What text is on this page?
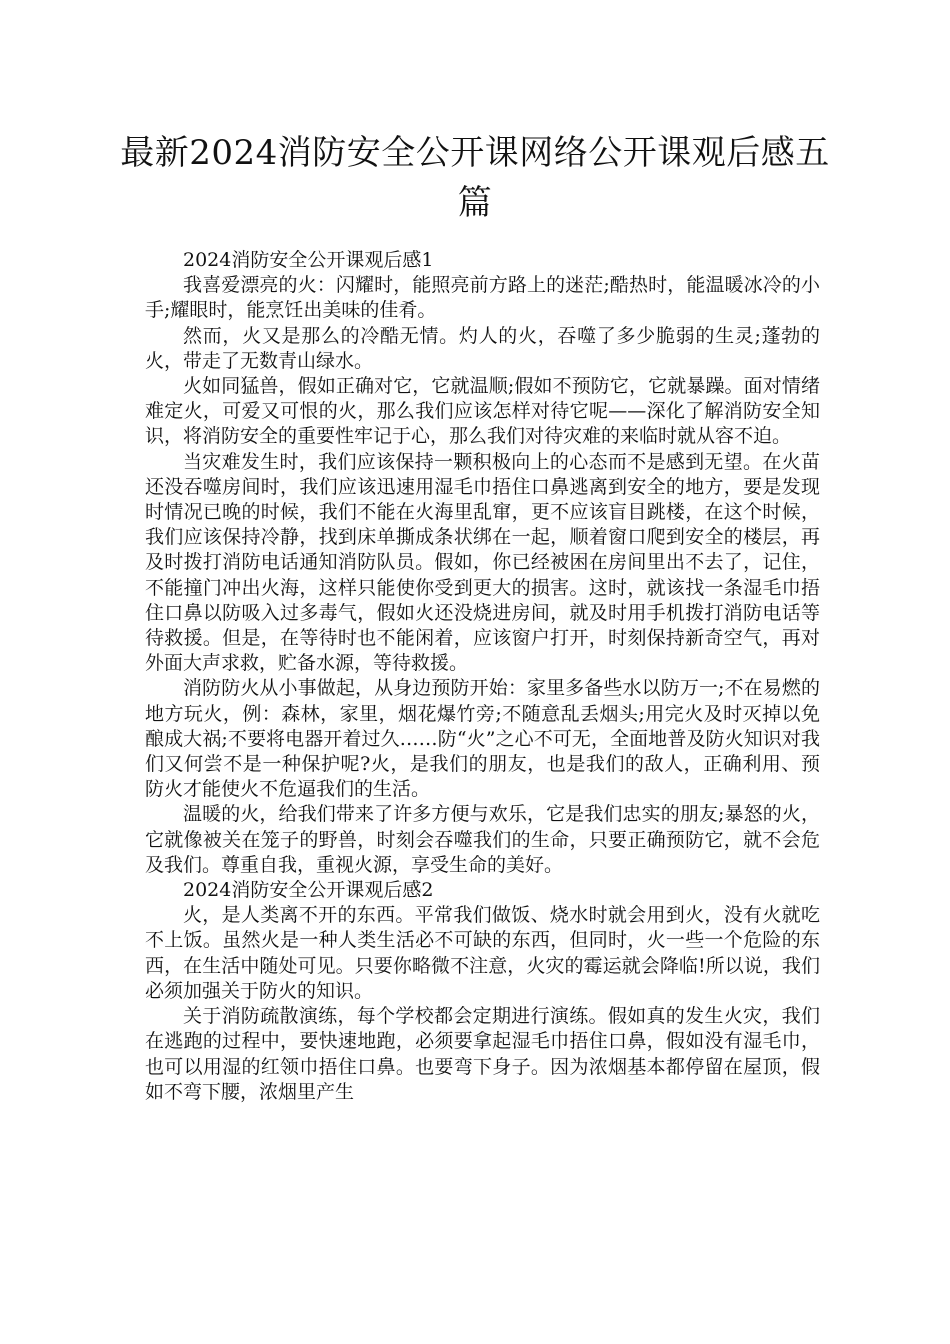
最新2024消防安全公开课网络公开课观后感五篇
2024消防安全公开课观后感1

我喜爱漂亮的火：闪耀时，能照亮前方路上的迷茫;酷热时，能温暖冰冷的小手;耀眼时，能烹饪出美味的佳肴。

然而，火又是那么的冷酷无情。灼人的火，吞噬了多少脆弱的生灵;蓬勃的火，带走了无数青山绿水。

火如同猛兽，假如正确对它，它就温顺;假如不预防它，它就暴躁。面对情绪难定火，可爱又可恨的火，那么我们应该怎样对待它呢——深化了解消防安全知识，将消防安全的重要性牢记于心，那么我们对待灾难的来临时就从容不迫。

当灾难发生时，我们应该保持一颗积极向上的心态而不是感到无望。在火苗还没吞噬房间时，我们应该迅速用湿毛巾捂住口鼻逃离到安全的地方，要是发现时情况已晚的时候，我们不能在火海里乱窜，更不应该盲目跳楼，在这个时候，我们应该保持冷静，找到床单撕成条状绑在一起，顺着窗口爬到安全的楼层，再及时拨打消防电话通知消防队员。假如，你已经被困在房间里出不去了，记住，不能撞门冲出火海，这样只能使你受到更大的损害。这时，就该找一条湿毛巾捂住口鼻以防吸入过多毒气，假如火还没烧进房间，就及时用手机拨打消防电话等待救援。但是，在等待时也不能闲着，应该窗户打开，时刻保持新奇空气，再对外面大声求救，贮备水源，等待救援。

消防防火从小事做起，从身边预防开始：家里多备些水以防万一;不在易燃的地方玩火，例：森林，家里，烟花爆竹旁;不随意乱丢烟头;用完火及时灭掉以免酿成大祸;不要将电器开着过久……防“火”之心不可无，全面地普及防火知识对我们又何尝不是一种保护呢?火，是我们的朋友，也是我们的敌人，正确利用、预防火才能使火不危逼我们的生活。

温暖的火，给我们带来了许多方便与欢乐，它是我们忠实的朋友;暴怒的火，它就像被关在笼子的野兽，时刻会吞噬我们的生命，只要正确预防它，就不会危及我们。尊重自我，重视火源，享受生命的美好。

2024消防安全公开课观后感2

火，是人类离不开的东西。平常我们做饭、烧水时就会用到火，没有火就吃不上饭。虽然火是一种人类生活必不可缺的东西，但同时，火一些一个危险的东西，在生活中随处可见。只要你略微不注意，火灾的霉运就会降临!所以说，我们必须加强关于防火的知识。

关于消防疏散演练，每个学校都会定期进行演练。假如真的发生火灾，我们在逃跑的过程中，要快速地跑，必须要拿起湿毛巾捂住口鼻，假如没有湿毛巾，也可以用湿的红领巾捂住口鼻。也要弯下身子。因为浓烟基本都停留在屋顶，假如不弯下腰，浓烟里产生
